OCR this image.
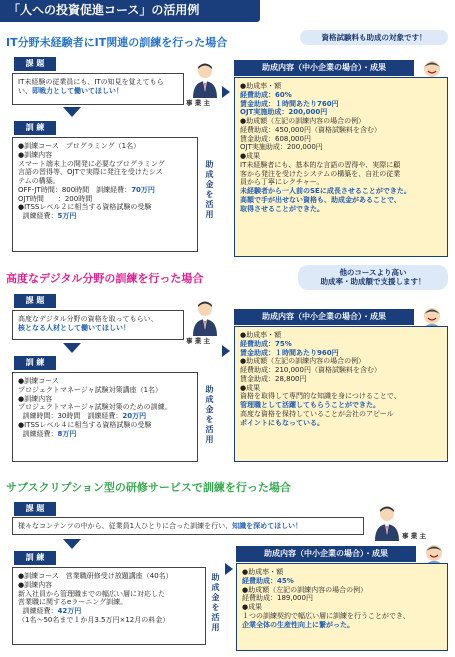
「人への投資促進コース」の活用例
IT分野未経験者にIT関連の訓練を行った場合	資格試験料も助成の対象です！
課 題
IT未経験の従業員にも、ITの知見を覚えてもら
い、即戦力として働いてほしい！
事 業 主
訓 練
●訓練コース　プログラミング（1名）
●訓練内容
スマート端末上の開発に必要なプログラミング
言語の習得等、OJTで実際に発注を受けたシス
テムの構築。
OFF-JT時間：800時間　訓練経費：70万円
OJT時間　　：200時間
●ITSSレベル２に相当する資格試験の受験
訓練経費：5万円	助成金を活用
助成内容（中小企業の場合）・成果
●助成率・額
経費助成：60%
賃金助成：１時間あたり760円
OJT実施助成：200,000円
●助成額（左記の訓練内容の場合の例）
経費助成：450,000円（資格試験料を含む）
賃金助成：608,000円
OJT実施助成：200,000円
●成果
IT未経験者にも、基本的な言語の習得や、実際に顧
客から発注を受けたシステムの構築を、自社の従業
員から丁寧にレクチャー。
未経験者から一人前のSEに成長させることができた。
高額で手が出せない資格も、助成金があることで、
取得させることができた。
高度なデジタル分野の訓練を行った場合	他のコースより高い
助成率・助成額で支援します！
課 題
高度なデジタル分野の資格を取ってもらい、
核となる人材として働いてほしい！
事 業 主
訓 練
●訓練コース
プロジェクトマネージャ試験対策講座（1名）
●訓練内容
プロジェクトマネージャ試験対策のための訓練。
訓練時間：30時間　訓練経費：20万円
●ITSSレベル４に相当する資格試験の受験
訓練経費：8万円	助成金を活用
助成内容（中小企業の場合）・成果
●助成率・額
経費助成：75%
賃金助成：１時間あたり960円
●助成額（左記の訓練内容の場合の例）
経費助成：210,000円（資格試験料を含む）
賃金助成：28,800円
●成果
資格を取得して専門的な知識を身につけることで、
管理職として活躍してもらうことができた。
高度な資格を保持していることが会社のアピール
ポイントにもなっている。
サブスクリプション型の研修サービスで訓練を行った場合
課 題
様々なコンテンツの中から、従業員1人ひとりに合った訓練を行い、知識を深めてほしい！
事 業 主
訓 練
●訓練コース　営業職研修受け放題講座（40名）
●訓練内容
新入社員から管理職までの幅広い層に対応した
営業職に関するeラーニング訓練。
訓練経費：42万円
（1名～50名まで１か月3.5万円×12月の料金）	助成金を活用
助成内容（中小企業の場合）・成果
●助成率・額
経費助成：45%
●助成額（左記の訓練内容の場合の例）
経費助成：189,000円
●成果
１つの訓練契約で幅広い層に訓練を行うことができ、
企業全体の生産性向上に繋がった。
